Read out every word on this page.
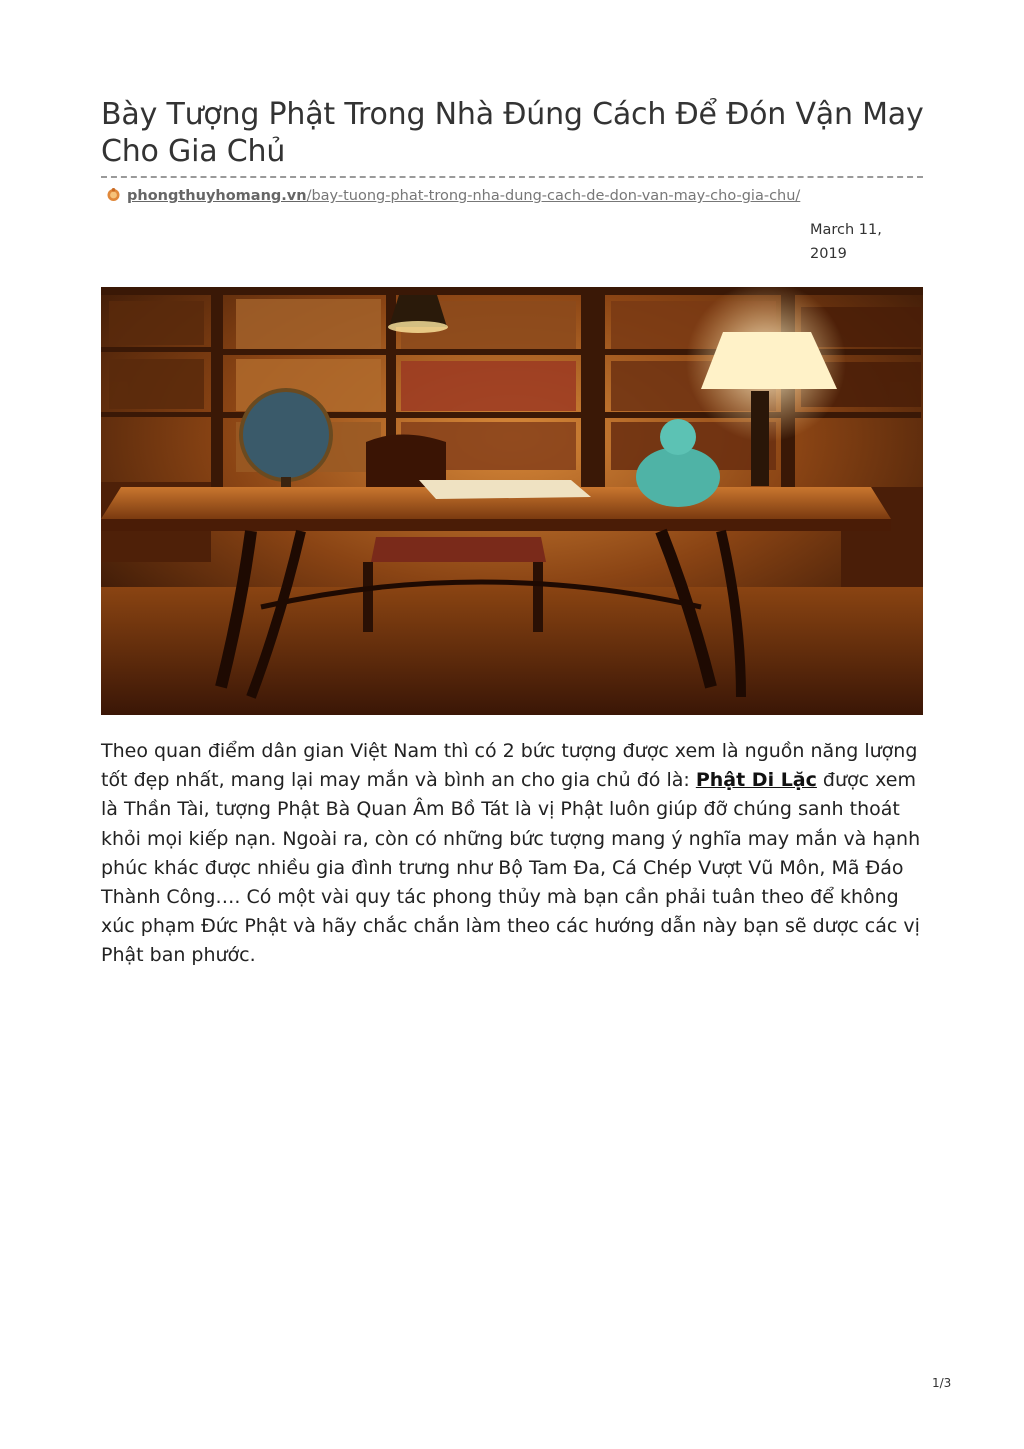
Bày Tượng Phật Trong Nhà Đúng Cách Để Đón Vận May Cho Gia Chủ
phongthuyhomang.vn/bay-tuong-phat-trong-nha-dung-cach-de-don-van-may-cho-gia-chu/
March 11,
2019

Theo quan điểm dân gian Việt Nam thì có 2 bức tượng được xem là nguồn năng lượng tốt đẹp nhất, mang lại may mắn và bình an cho gia chủ đó là: Phật Di Lặc được xem là Thần Tài, tượng Phật Bà Quan Âm Bồ Tát là vị Phật luôn giúp đỡ chúng sanh thoát khỏi mọi kiếp nạn. Ngoài ra, còn có những bức tượng mang ý nghĩa may mắn và hạnh phúc khác được nhiều gia đình trưng như Bộ Tam Đa, Cá Chép Vượt Vũ Môn, Mã Đáo Thành Công…. Có một vài quy tác phong thủy mà bạn cần phải tuân theo để không xúc phạm Đức Phật và hãy chắc chắn làm theo các hướng dẫn này bạn sẽ dược các vị Phật ban phước.

1/3
